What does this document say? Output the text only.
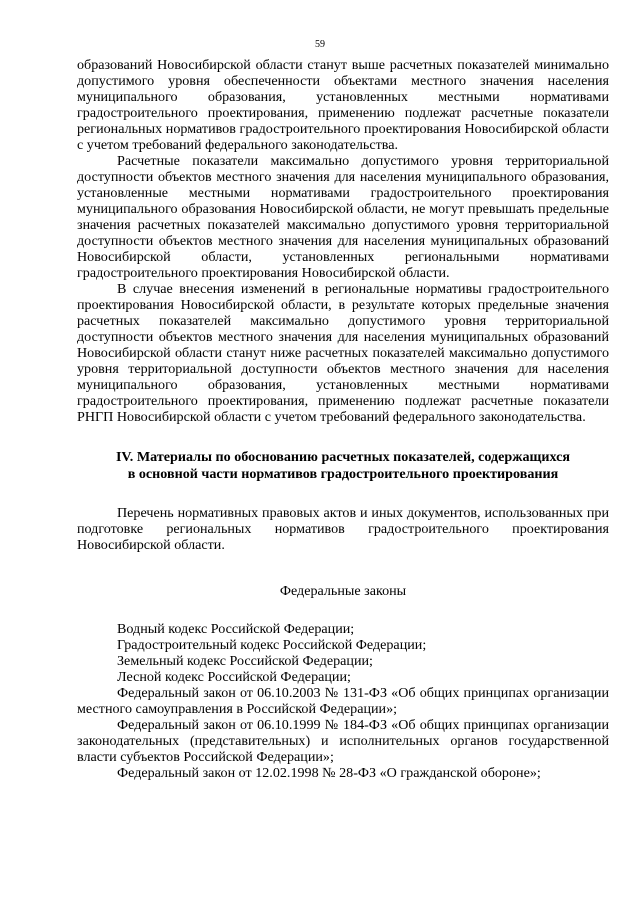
59

образований Новосибирской области станут выше расчетных показателей минимально допустимого уровня обеспеченности объектами местного значения населения муниципального образования, установленных местными нормативами градостроительного проектирования, применению подлежат расчетные показатели региональных нормативов градостроительного проектирования Новосибирской области с учетом требований федерального законодательства.

Расчетные показатели максимально допустимого уровня территориальной доступности объектов местного значения для населения муниципального образования, установленные местными нормативами градостроительного проектирования муниципального образования Новосибирской области, не могут превышать предельные значения расчетных показателей максимально допустимого уровня территориальной доступности объектов местного значения для населения муниципальных образований Новосибирской области, установленных региональными нормативами градостроительного проектирования Новосибирской области.

В случае внесения изменений в региональные нормативы градостроительного проектирования Новосибирской области, в результате которых предельные значения расчетных показателей максимально допустимого уровня территориальной доступности объектов местного значения для населения муниципальных образований Новосибирской области станут ниже расчетных показателей максимально допустимого уровня территориальной доступности объектов местного значения для населения муниципального образования, установленных местными нормативами градостроительного проектирования, применению подлежат расчетные показатели РНГП Новосибирской области с учетом требований федерального законодательства.

IV. Материалы по обоснованию расчетных показателей, содержащихся
в основной части нормативов градостроительного проектирования

Перечень нормативных правовых актов и иных документов, использованных при подготовке региональных нормативов градостроительного проектирования Новосибирской области.

Федеральные законы

Водный кодекс Российской Федерации;

Градостроительный кодекс Российской Федерации;

Земельный кодекс Российской Федерации;

Лесной кодекс Российской Федерации;

Федеральный закон от 06.10.2003 № 131-ФЗ «Об общих принципах организации местного самоуправления в Российской Федерации»;

Федеральный закон от 06.10.1999 № 184-ФЗ «Об общих принципах организации законодательных (представительных) и исполнительных органов государственной власти субъектов Российской Федерации»;

Федеральный закон от 12.02.1998 № 28-ФЗ «О гражданской обороне»;
